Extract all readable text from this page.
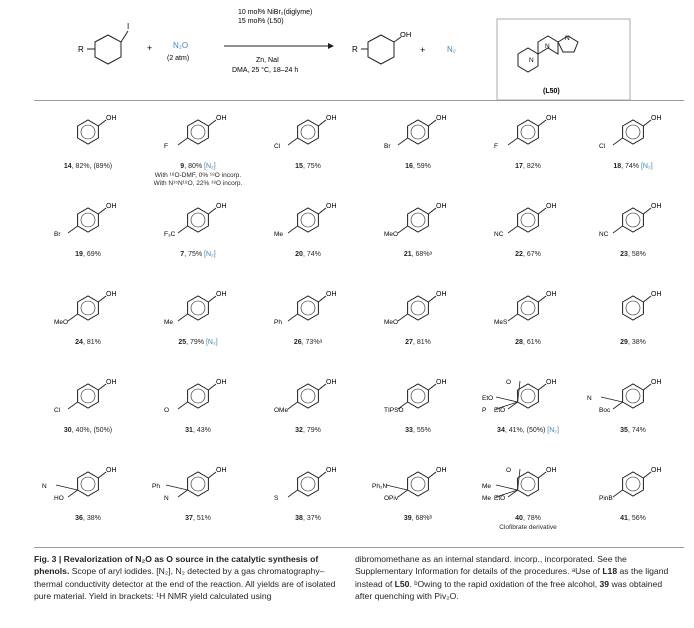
R
I
+	N₂O
(2 atm)
10 mol% NiBr₂(diglyme)
15 mol% (L50)
Zn, NaI
DMA, 25 °C, 18–24 h
R
OH
+	N₂
N
N
N
(L50)
OH
14, 82%, (89%)
OH
F
9, 80% [N₂]
With ¹⁸O-DMF, 0% ¹⁸O incorp.
With N¹⁵N¹⁸O, 22% ¹⁸O incorp.
OH
Cl
15, 75%
OH
Br
16, 59%
OH
F
17, 82%
OH
Cl
18, 74% [N₂]
OH
Br
19, 69%
OH
F₃C
7, 75% [N₂]
OH
Me
20, 74%
OH
MeO
21, 68%ᵃ
OH
NC
22, 67%
OH
NC
23, 58%
OH
MeO
24, 81%
OH
Me
25, 79% [N₂]
OH
Ph
26, 73%ᵃ
OH
MeO
27, 81%
OH
MeS
28, 61%
OH
29, 38%
OH
Cl
30, 40%, (50%)
OH
O
31, 43%
OH
OMe
32, 79%
OH
TIPSO
33, 55%
OH
EtO
EtO
P
O
34, 41%, (50%) [N₂]
OH
Boc
N
35, 74%
OH
HO
N
36, 38%
OH
N
Ph
37, 51%
OH
S
38, 37%
OH
OPiv
Ph₂N
39, 68%ᵇ
OH
EtO
Me
Me
O
40, 78%
Clofibrate derivative
OH
PinB
41, 56%
Fig. 3 | Revalorization of N₂O as O source in the catalytic synthesis of phenols. Scope of aryl iodides. [N₂], N₂ detected by a gas chromatography–thermal conductivity detector at the end of the reaction. All yields are of isolated pure material. Yield in brackets: ¹H NMR yield calculated using
dibromomethane as an internal standard. incorp., incorporated. See the Supplementary Information for details of the procedures. ᵃUse of L18 as the ligand instead of L50. ᵇOwing to the rapid oxidation of the free alcohol, 39 was obtained after quenching with Piv₂O.
